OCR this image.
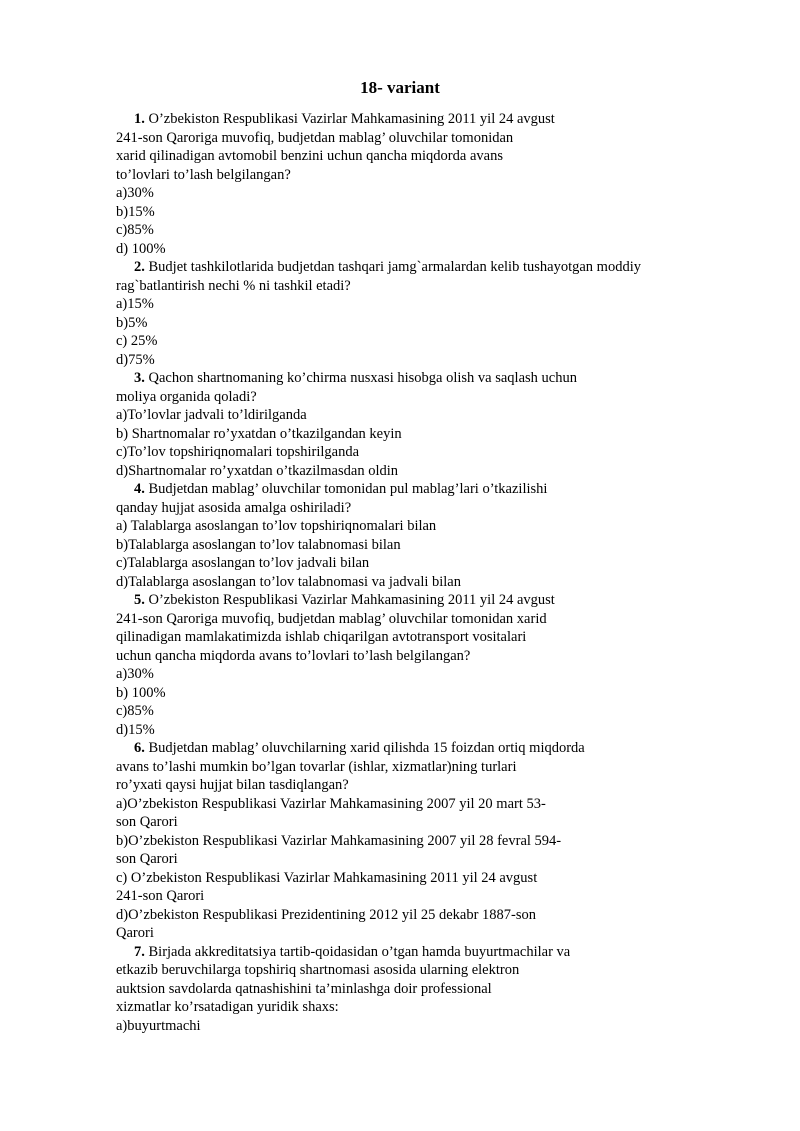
18- variant
1. O’zbekiston Respublikasi Vazirlar Mahkamasining 2011 yil 24 avgust
241-son Qaroriga muvofiq, budjetdan mablag’ oluvchilar tomonidan
xarid qilinadigan avtomobil benzini uchun qancha miqdorda avans
to’lovlari to’lash belgilangan?
a)30%
b)15%
c)85%
d) 100%
2. Budjet tashkilotlarida budjetdan tashqari jamg`armalardan kelib tushayotgan moddiy
rag`batlantirish nechi % ni tashkil etadi?
a)15%
b)5%
c) 25%
d)75%
3. Qachon shartnomaning ko’chirma nusxasi hisobga olish va saqlash uchun
moliya organida qoladi?
a)To’lovlar jadvali to’ldirilganda
b) Shartnomalar ro’yxatdan o’tkazilgandan keyin
c)To’lov topshiriqnomalari topshirilganda
d)Shartnomalar ro’yxatdan o’tkazilmasdan oldin
4. Budjetdan mablag’ oluvchilar tomonidan pul mablag’lari o’tkazilishi
qanday hujjat asosida amalga oshiriladi?
a) Talablarga asoslangan to’lov topshiriqnomalari bilan
b)Talablarga asoslangan to’lov talabnomasi bilan
c)Talablarga asoslangan to’lov jadvali bilan
d)Talablarga asoslangan to’lov talabnomasi va jadvali bilan
5. O’zbekiston Respublikasi Vazirlar Mahkamasining 2011 yil 24 avgust
241-son Qaroriga muvofiq, budjetdan mablag’ oluvchilar tomonidan xarid
qilinadigan mamlakatimizda ishlab chiqarilgan avtotransport vositalari
uchun qancha miqdorda avans to’lovlari to’lash belgilangan?
a)30%
b) 100%
c)85%
d)15%
6. Budjetdan mablag’ oluvchilarning xarid qilishda 15 foizdan ortiq miqdorda
avans to’lashi mumkin bo’lgan tovarlar (ishlar, xizmatlar)ning turlari
ro’yxati qaysi hujjat bilan tasdiqlangan?
a)O’zbekiston Respublikasi Vazirlar Mahkamasining 2007 yil 20 mart 53-
son Qarori
b)O’zbekiston Respublikasi Vazirlar Mahkamasining 2007 yil 28 fevral 594-
son Qarori
c) O’zbekiston Respublikasi Vazirlar Mahkamasining 2011 yil 24 avgust
241-son Qarori
d)O’zbekiston Respublikasi Prezidentining 2012 yil 25 dekabr 1887-son
Qarori
7. Birjada akkreditatsiya tartib-qoidasidan o’tgan hamda buyurtmachilar va
etkazib beruvchilarga topshiriq shartnomasi asosida ularning elektron
auktsion savdolarda qatnashishini ta’minlashga doir professional
xizmatlar ko’rsatadigan yuridik shaxs:
a)buyurtmachi
